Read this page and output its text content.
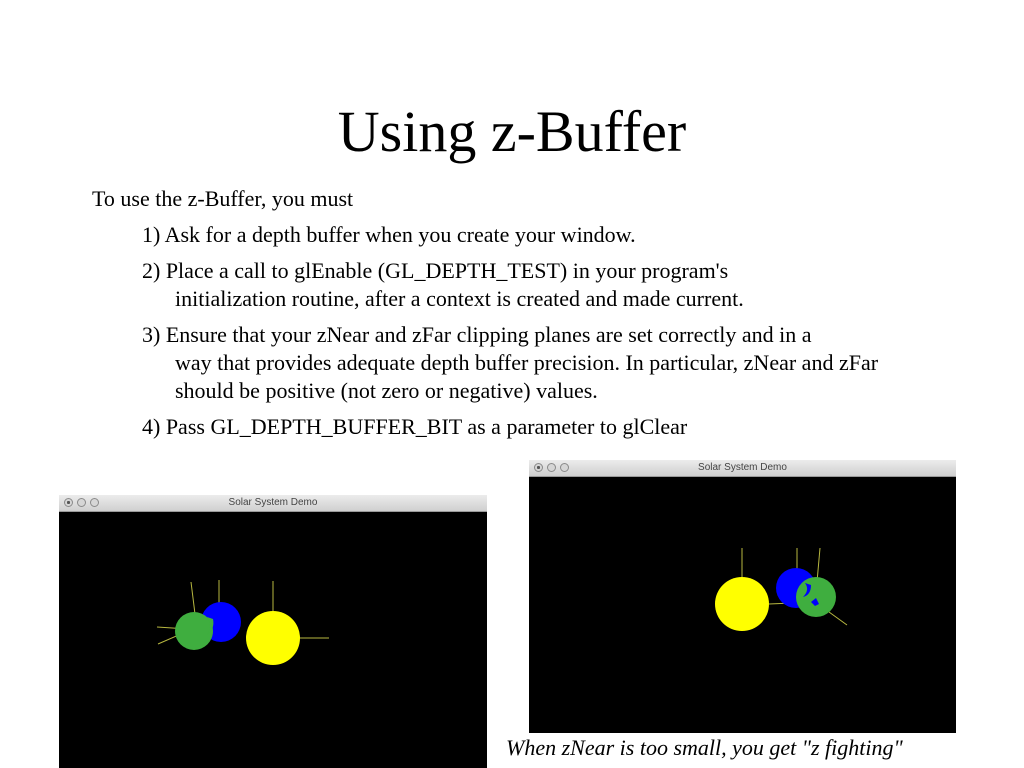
Using z-Buffer
To use the z-Buffer, you must
1) Ask for a depth buffer when you create your window.
2) Place a call to glEnable (GL_DEPTH_TEST) in your program's
initialization routine, after a context is created and made current.
3) Ensure that your zNear and zFar clipping planes are set correctly and in a
way that provides adequate depth buffer precision. In particular, zNear and zFar should be positive (not zero or negative) values.
4) Pass GL_DEPTH_BUFFER_BIT as a parameter to glClear
Solar System Demo
Solar System Demo
When zNear is too small, you get "z fighting"
